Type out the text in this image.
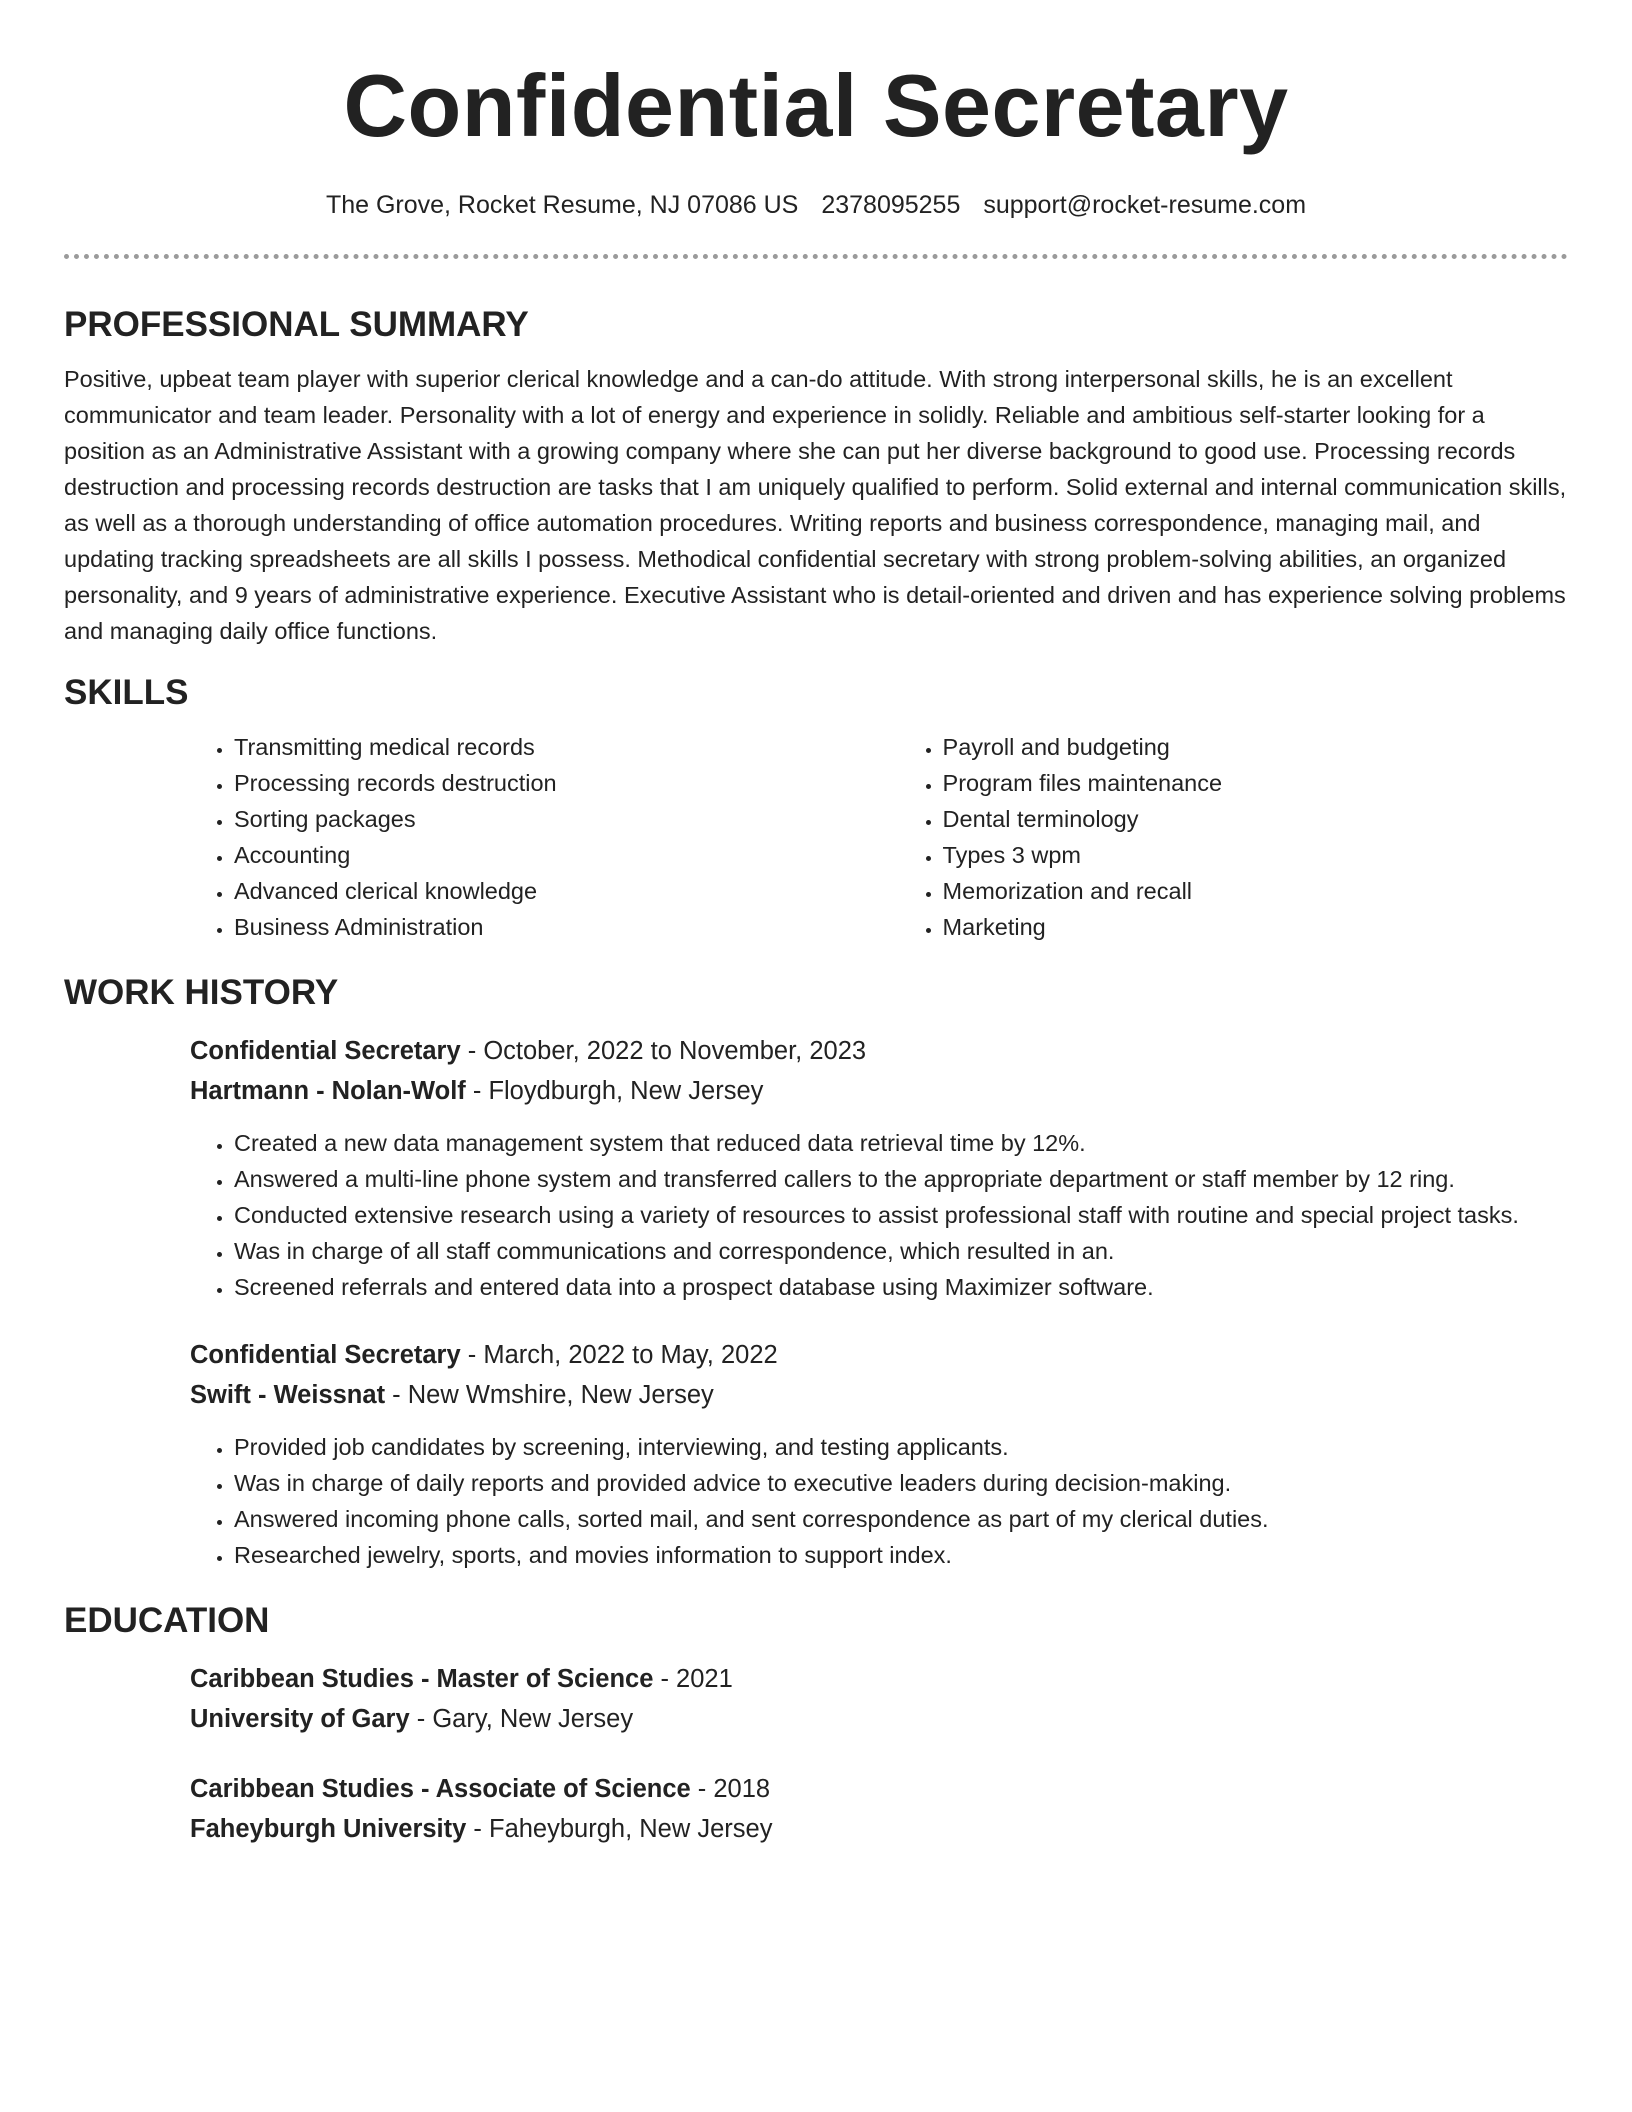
Confidential Secretary
The Grove, Rocket Resume, NJ 07086 US 2378095255 support@rocket-resume.com
PROFESSIONAL SUMMARY

Positive, upbeat team player with superior clerical knowledge and a can-do attitude. With strong interpersonal skills, he is an excellent communicator and team leader. Personality with a lot of energy and experience in solidly. Reliable and ambitious self-starter looking for a position as an Administrative Assistant with a growing company where she can put her diverse background to good use. Processing records destruction and processing records destruction are tasks that I am uniquely qualified to perform. Solid external and internal communication skills, as well as a thorough understanding of office automation procedures. Writing reports and business correspondence, managing mail, and updating tracking spreadsheets are all skills I possess. Methodical confidential secretary with strong problem-solving abilities, an organized personality, and 9 years of administrative experience. Executive Assistant who is detail-oriented and driven and has experience solving problems and managing daily office functions.

SKILLS
• Transmitting medical records
• Processing records destruction
• Sorting packages
• Accounting
• Advanced clerical knowledge
• Business Administration
• Payroll and budgeting
• Program files maintenance
• Dental terminology
• Types 3 wpm
• Memorization and recall
• Marketing
WORK HISTORY

Confidential Secretary - October, 2022 to November, 2023

Hartmann - Nolan-Wolf - Floydburgh, New Jersey

• Created a new data management system that reduced data retrieval time by 12%.
• Answered a multi-line phone system and transferred callers to the appropriate department or staff member by 12 ring.
• Conducted extensive research using a variety of resources to assist professional staff with routine and special project tasks.
• Was in charge of all staff communications and correspondence, which resulted in an.
• Screened referrals and entered data into a prospect database using Maximizer software.

Confidential Secretary - March, 2022 to May, 2022

Swift - Weissnat - New Wmshire, New Jersey

• Provided job candidates by screening, interviewing, and testing applicants.
• Was in charge of daily reports and provided advice to executive leaders during decision-making.
• Answered incoming phone calls, sorted mail, and sent correspondence as part of my clerical duties.
• Researched jewelry, sports, and movies information to support index.
EDUCATION

Caribbean Studies - Master of Science - 2021

University of Gary - Gary, New Jersey

Caribbean Studies - Associate of Science - 2018

Faheyburgh University - Faheyburgh, New Jersey
